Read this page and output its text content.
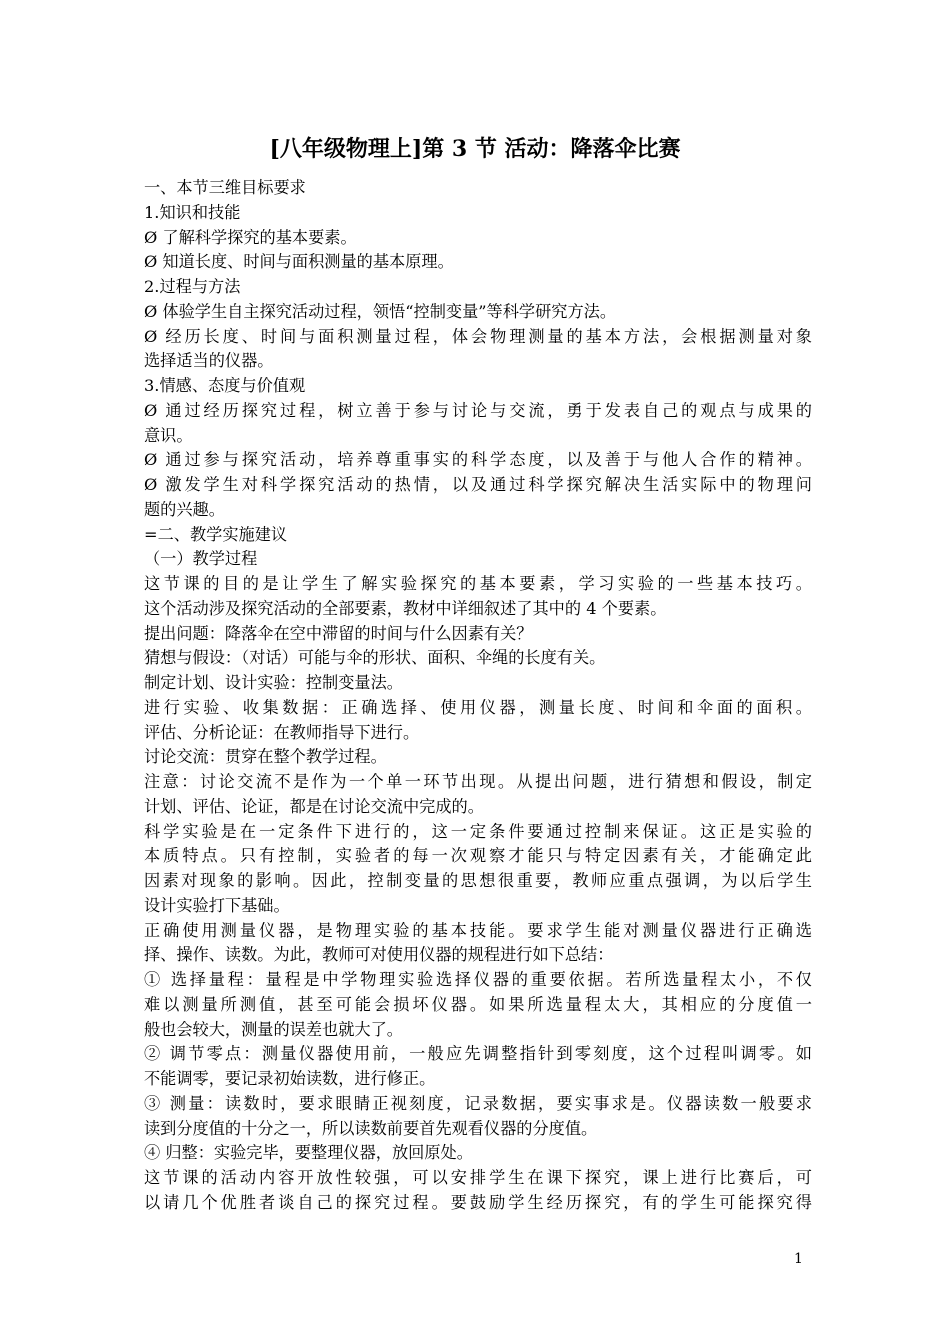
[八年级物理上]第 3 节 活动：降落伞比赛
一、本节三维目标要求
1.知识和技能
Ø 了解科学探究的基本要素。
Ø 知道长度、时间与面积测量的基本原理。
2.过程与方法
Ø 体验学生自主探究活动过程，领悟“控制变量”等科学研究方法。
Ø 经历长度、时间与面积测量过程，体会物理测量的基本方法，会根据测量对象
选择适当的仪器。
3.情感、态度与价值观
Ø 通过经历探究过程，树立善于参与讨论与交流，勇于发表自己的观点与成果的
意识。
Ø 通过参与探究活动，培养尊重事实的科学态度，以及善于与他人合作的精神。
Ø 激发学生对科学探究活动的热情，以及通过科学探究解决生活实际中的物理问
题的兴趣。
=二、教学实施建议
（一）教学过程
这节课的目的是让学生了解实验探究的基本要素，学习实验的一些基本技巧。
这个活动涉及探究活动的全部要素，教材中详细叙述了其中的 4 个要素。
提出问题：降落伞在空中滞留的时间与什么因素有关？
猜想与假设：（对话）可能与伞的形状、面积、伞绳的长度有关。
制定计划、设计实验：控制变量法。
进行实验、收集数据：正确选择、使用仪器，测量长度、时间和伞面的面积。
评估、分析论证：在教师指导下进行。
讨论交流：贯穿在整个教学过程。
注意：讨论交流不是作为一个单一环节出现。从提出问题，进行猜想和假设，制定
计划、评估、论证，都是在讨论交流中完成的。
科学实验是在一定条件下进行的，这一定条件要通过控制来保证。这正是实验的
本质特点。只有控制，实验者的每一次观察才能只与特定因素有关，才能确定此
因素对现象的影响。因此，控制变量的思想很重要，教师应重点强调，为以后学生
设计实验打下基础。
正确使用测量仪器，是物理实验的基本技能。要求学生能对测量仪器进行正确选
择、操作、读数。为此，教师可对使用仪器的规程进行如下总结：
① 选择量程：量程是中学物理实验选择仪器的重要依据。若所选量程太小，不仅
难以测量所测值，甚至可能会损坏仪器。如果所选量程太大，其相应的分度值一
般也会较大，测量的误差也就大了。
② 调节零点：测量仪器使用前，一般应先调整指针到零刻度，这个过程叫调零。如
不能调零，要记录初始读数，进行修正。
③ 测量：读数时，要求眼睛正视刻度，记录数据，要实事求是。仪器读数一般要求
读到分度值的十分之一，所以读数前要首先观看仪器的分度值。
④ 归整：实验完毕，要整理仪器，放回原处。
这节课的活动内容开放性较强，可以安排学生在课下探究，课上进行比赛后，可
以请几个优胜者谈自己的探究过程。要鼓励学生经历探究，有的学生可能探究得
1
